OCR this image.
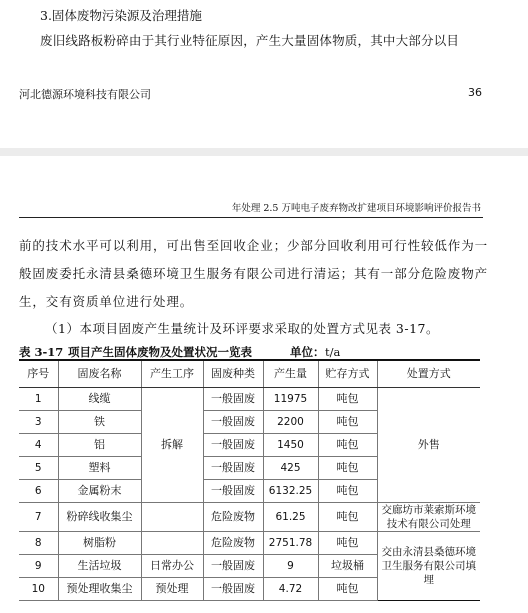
3.固体废物污染源及治理措施
废旧线路板粉碎由于其行业特征原因，产生大量固体物质，其中大部分以目
河北德源环境科技有限公司	36
年处理 2.5 万吨电子废弃物改扩建项目环境影响评价报告书
前的技术水平可以利用，可出售至回收企业；少部分回收利用可行性较低作为一
般固废委托永清县桑德环境卫生服务有限公司进行清运；其有一部分危险废物产
生，交有资质单位进行处理。
（1）本项目固废产生量统计及环评要求采取的处置方式见表 3-17。
表 3-17 项目产生固体废物及处置状况一览表	单位： t/a
序号	固废名称	产生工序	固废种类	产生量	贮存方式	处置方式
1	线缆	拆解	一般固废	11975	吨包	外售
3	铁		一般固废	2200	吨包	
4	铝		一般固废	1450	吨包	
5	塑料		一般固废	425	吨包	
6	金属粉末		一般固废	6132.25	吨包	
7	粉碎线收集尘		危险废物	61.25	吨包	交廊坊市莱索斯环境技术有限公司处理
8	树脂粉		危险废物	2751.78	吨包	交由永清县桑德环境卫生服务有限公司填埋
9	生活垃圾	日常办公	一般固废	9	垃圾桶	
10	预处理收集尘	预处理	一般固废	4.72	吨包	
